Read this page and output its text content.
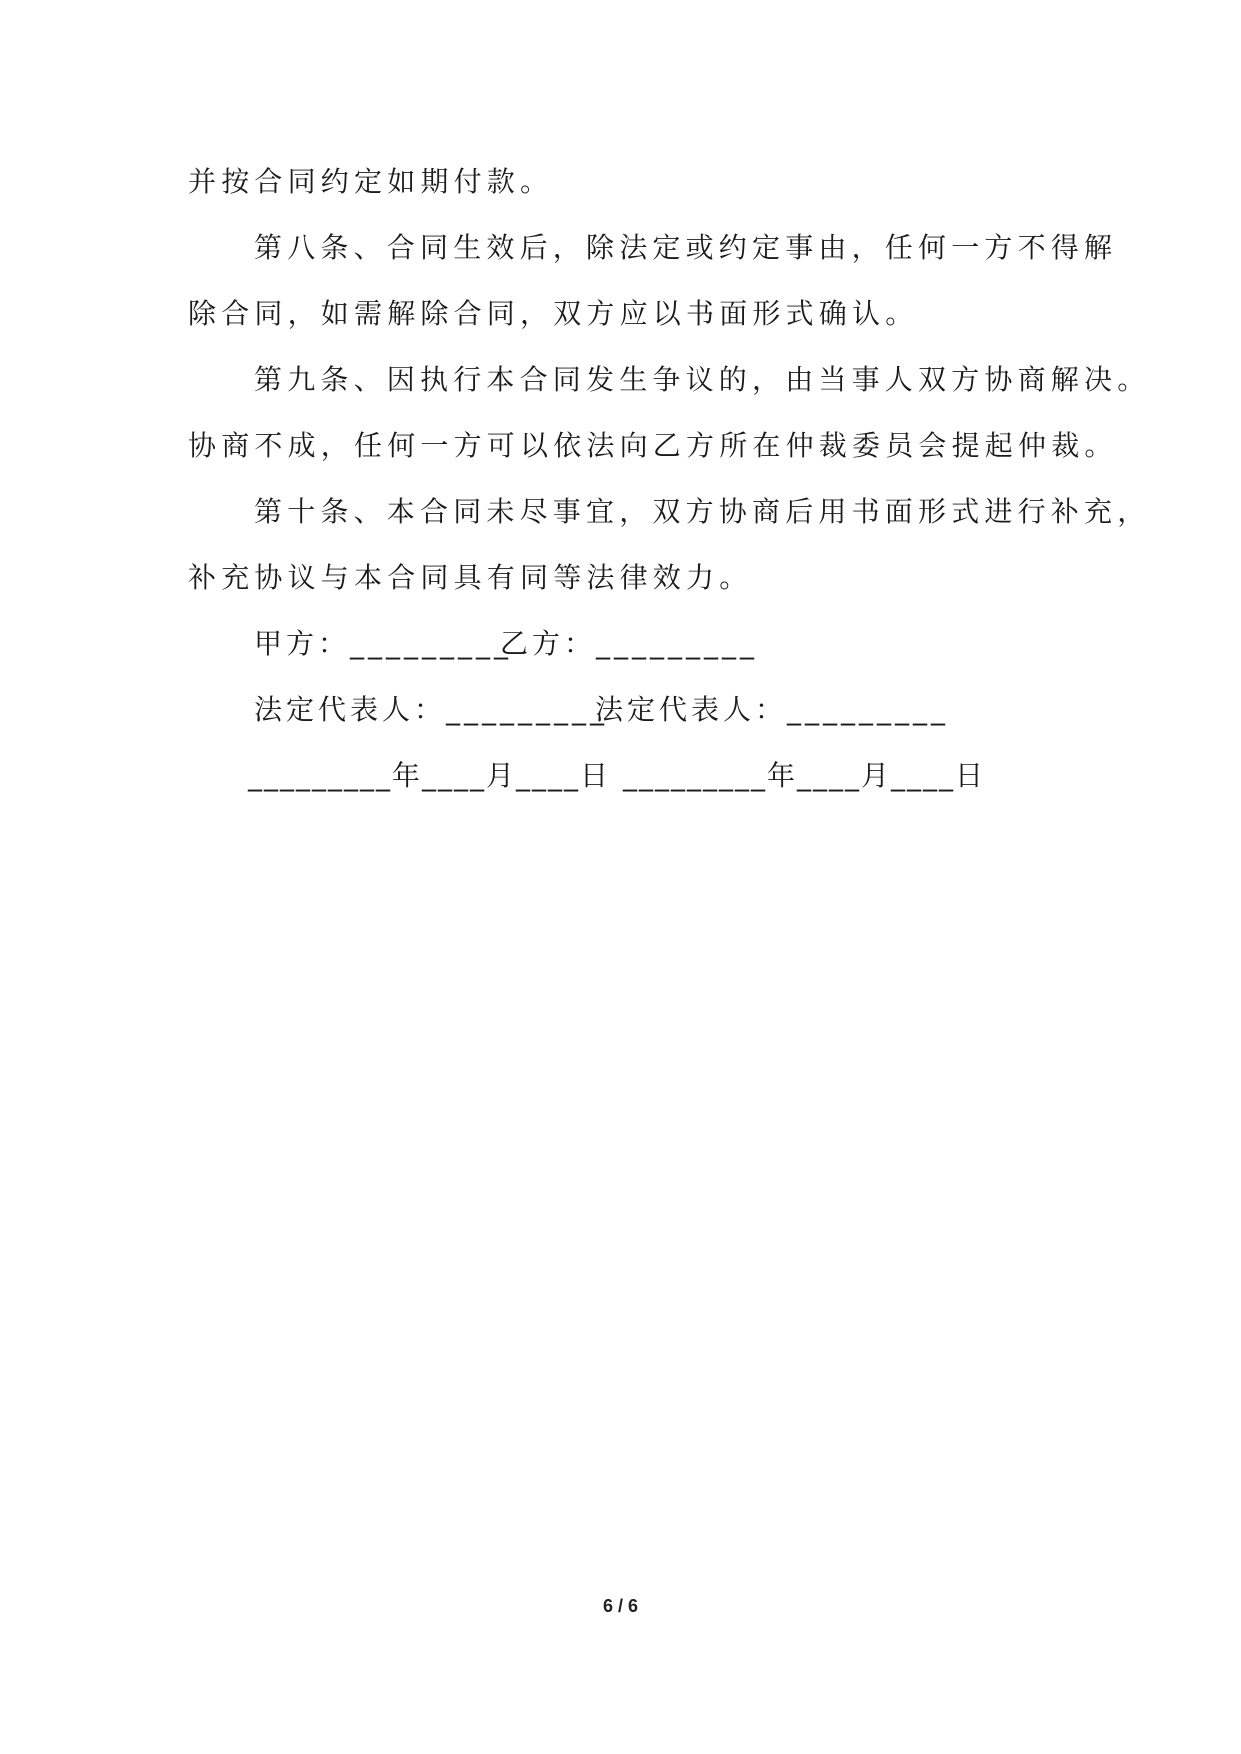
并按合同约定如期付款。
第八条、合同生效后，除法定或约定事由，任何一方不得解
除合同，如需解除合同，双方应以书面形式确认。
第九条、因执行本合同发生争议的，由当事人双方协商解决。
协商不成，任何一方可以依法向乙方所在仲裁委员会提起仲裁。
第十条、本合同未尽事宜，双方协商后用书面形式进行补充，
补充协议与本合同具有同等法律效力。
甲方：_________
乙方：_________
法定代表人：_________
法定代表人：_________
_________年____月____日 _________年____月____日
6 / 6
